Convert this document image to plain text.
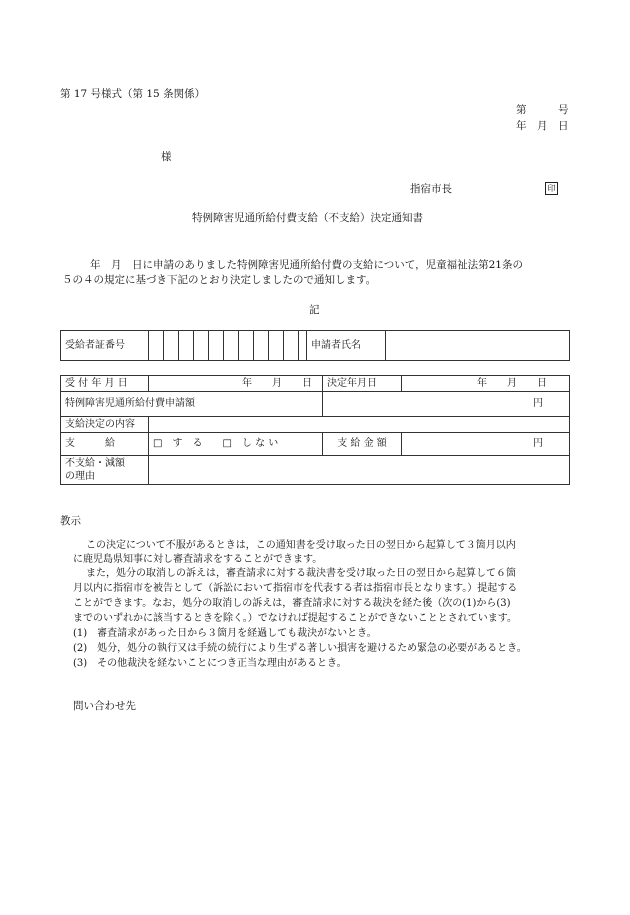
第 17 号様式（第 15 条関係）
第　　　号
年　月　日
様
指宿市長	印
特例障害児通所給付費支給（不支給）決定通知書
年　月　日に申請のありました特例障害児通所給付費の支給について，児童福祉法第21条の
５の４の規定に基づき下記のとおり決定しましたので通知します。
記
受給者証番号												申請者氏名	
受 付 年 月 日	年　　月　　日	決定年月日	年　　月　　日
特例障害児通所給付費申請額		円	
支給決定の内容			
支　　　給	□　す　る　　 □　し な い	支 給 金 額	円
不支給・減額
の理由			
教示

この決定について不服があるときは，この通知書を受け取った日の翌日から起算して３箇月以内

に鹿児島県知事に対し審査請求をすることができます。

また，処分の取消しの訴えは，審査請求に対する裁決書を受け取った日の翌日から起算して６箇

月以内に指宿市を被告として（訴訟において指宿市を代表する者は指宿市長となります。）提起する

ことができます。なお，処分の取消しの訴えは，審査請求に対する裁決を経た後（次の(1)から(3)

までのいずれかに該当するときを除く。）でなければ提起することができないこととされています。

(1)　審査請求があった日から３箇月を経過しても裁決がないとき。

(2)　処分，処分の執行又は手続の続行により生ずる著しい損害を避けるため緊急の必要があるとき。

(3)　その他裁決を経ないことにつき正当な理由があるとき。

問い合わせ先
